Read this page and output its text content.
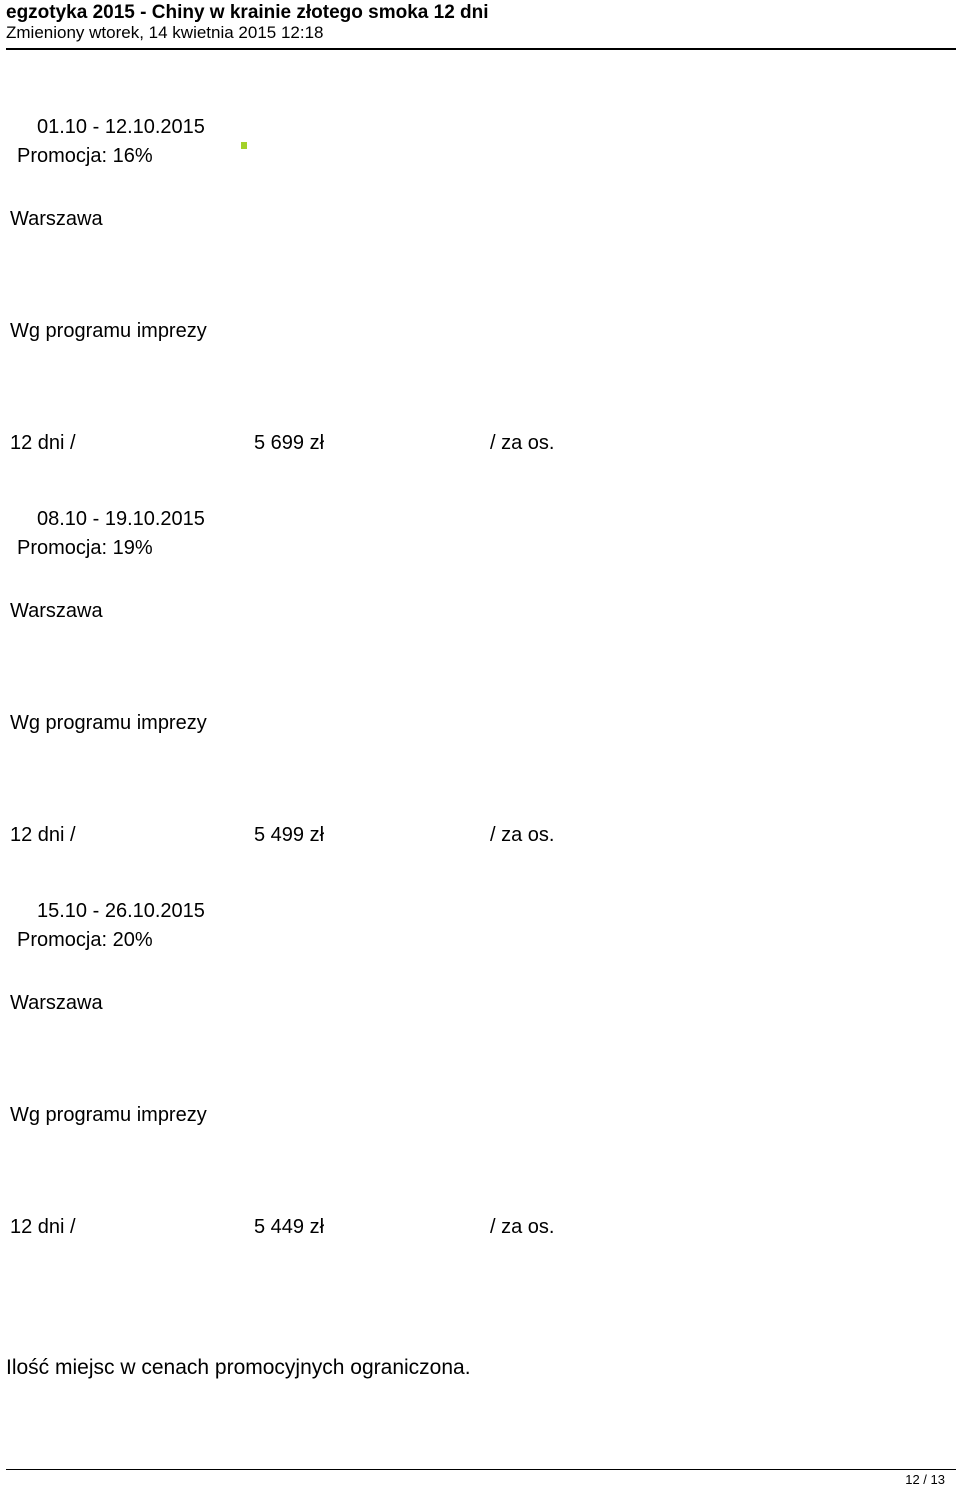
egzotyka 2015 - Chiny w krainie złotego smoka 12 dni
Zmieniony wtorek, 14 kwietnia 2015 12:18
01.10 - 12.10.2015
Promocja: 16%
Warszawa
Wg programu imprezy
12 dni /	5 699 zł	/ za os.
08.10 - 19.10.2015
Promocja: 19%
Warszawa
Wg programu imprezy
12 dni /	5 499 zł	/ za os.
15.10 - 26.10.2015
Promocja: 20%
Warszawa
Wg programu imprezy
12 dni /	5 449 zł	/ za os.
Ilość miejsc w cenach promocyjnych ograniczona.
12 / 13
